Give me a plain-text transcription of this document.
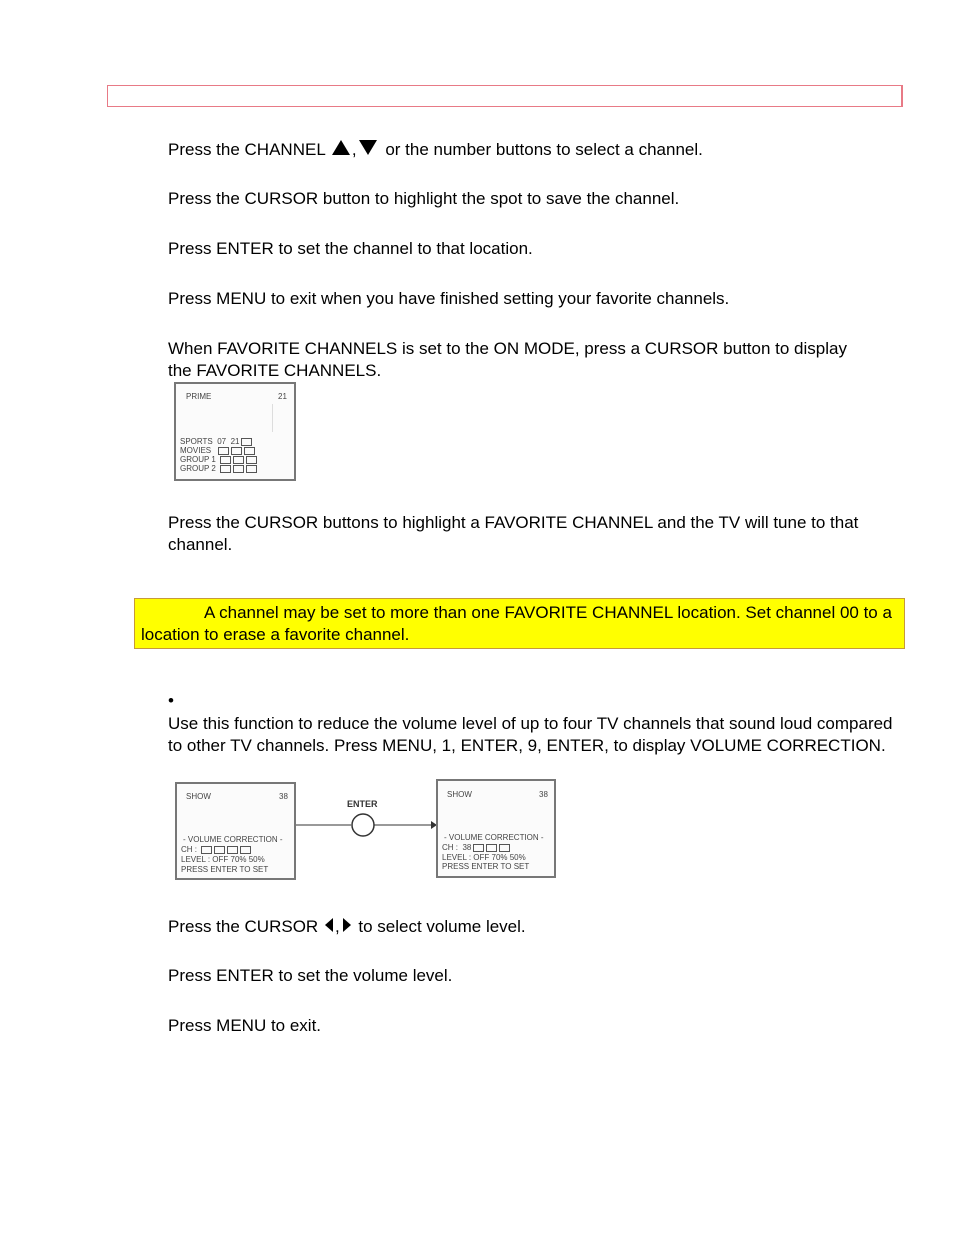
Press the CHANNEL , or the number buttons to select a channel.
Press the CURSOR button to highlight the spot to save the channel.
Press ENTER to set the channel to that location.
Press MENU to exit when you have finished setting your favorite channels.
When FAVORITE CHANNELS is set to the ON MODE, press a CURSOR button to display the FAVORITE CHANNELS.
PRIME	21
SPORTS 07 21
MOVIES
GROUP 1
GROUP 2
Press the CURSOR buttons to highlight a FAVORITE CHANNEL and the TV will tune to that channel.
A channel may be set to more than one FAVORITE CHANNEL location. Set channel 00 to a location to erase a favorite channel.
•
Use this function to reduce the volume level of up to four TV channels that sound loud compared to other TV channels. Press MENU, 1, ENTER, 9, ENTER, to display VOLUME CORRECTION.
SHOW	38
- VOLUME CORRECTION -
CH :
LEVEL : OFF 70% 50%
PRESS ENTER TO SET
ENTER
SHOW	38
- VOLUME CORRECTION -
CH : 38
LEVEL : OFF 70% 50%
PRESS ENTER TO SET
Press the CURSOR , to select volume level.
Press ENTER to set the volume level.
Press MENU to exit.
